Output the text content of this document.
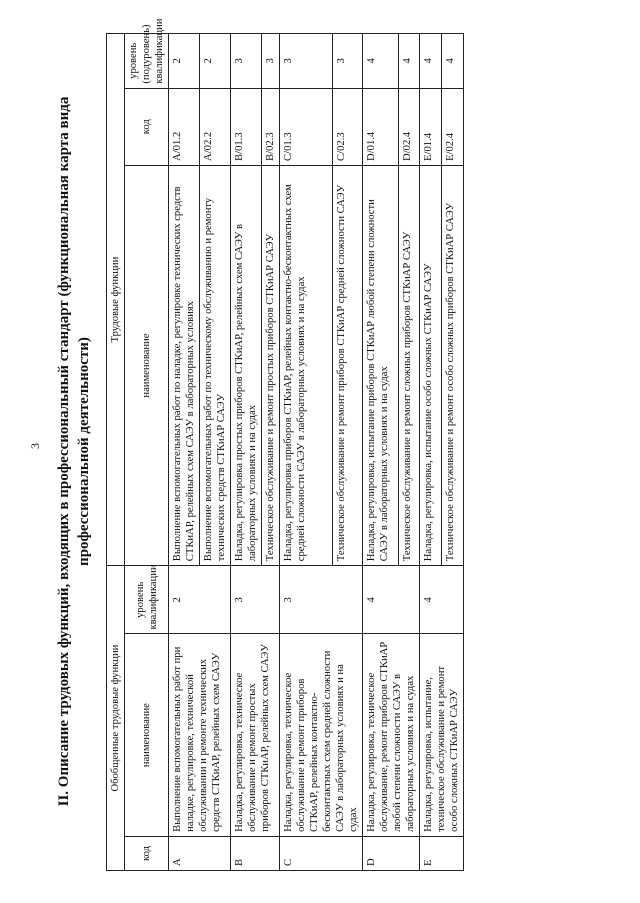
3 II. Описание трудовых функций, входящих в профессиональный стандарт (функциональная карта вида профессиональной деятельности)
Обобщенные трудовые функции			Трудовые функции		
код	наименование	уровень квалификации	наименование	код	уровень (подуровень) квалификации
A	Выполнение вспомогательных работ при наладке, регулировке, технической обслуживании и ремонте технических средств СТКиАР, релейных схем САЭУ	2	Выполнение вспомогательных работ по наладке, регулировке технических средств СТКиАР, релейных схем САЭУ в лабораторных условиях	A/01.2	2
			Выполнение вспомогательных работ по техническому обслуживанию и ремонту технических средств СТКиАР САЭУ	A/02.2	2
B	Наладка, регулировка, техническое обслуживание и ремонт простых приборов СТКиАР, релейных схем САЭУ	3	Наладка, регулировка простых приборов СТКиАР, релейных схем САЭУ в лабораторных условиях и на судах	B/01.3	3
			Техническое обслуживание и ремонт простых приборов СТКиАР САЭУ	B/02.3	3
C	Наладка, регулировка, техническое обслуживание и ремонт приборов СТКиАР, релейных контактно-бесконтактных схем средней сложности САЭУ в лабораторных условиях и на судах	3	Наладка, регулировка приборов СТКиАР, релейных контактно-бесконтактных схем средней сложности САЭУ в лабораторных условиях и на судах	C/01.3	3
			Техническое обслуживание и ремонт приборов СТКиАР средней сложности САЭУ	C/02.3	3
D	Наладка, регулировка, техническое обслуживание, ремонт приборов СТКиАР любой степени сложности САЭУ в лабораторных условиях и на судах	4	Наладка, регулировка, испытание приборов СТКиАР любой степени сложности САЭУ в лабораторных условиях и на судах	D/01.4	4
			Техническое обслуживание и ремонт сложных приборов СТКиАР САЭУ	D/02.4	4
E	Наладка, регулировка, испытание, техническое обслуживание и ремонт особо сложных СТКиАР САЭУ	4	Наладка, регулировка, испытание особо сложных СТКиАР САЭУ	E/01.4	4
			Техническое обслуживание и ремонт особо сложных приборов СТКиАР САЭУ	E/02.4	4
